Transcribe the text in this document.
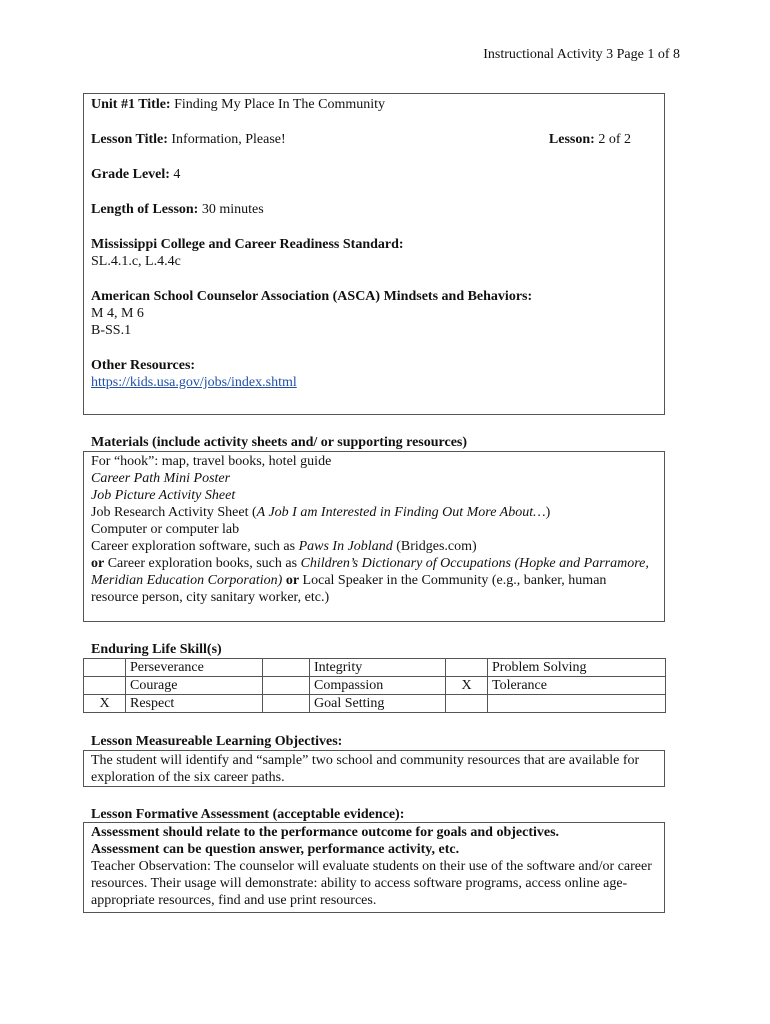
Instructional Activity 3 Page 1 of 8

Unit #1 Title: Finding My Place In The Community

Lesson Title: Information, Please!	Lesson: 2 of 2

Grade Level: 4

Length of Lesson: 30 minutes

Mississippi College and Career Readiness Standard:

SL.4.1.c, L.4.4c

American School Counselor Association (ASCA) Mindsets and Behaviors:

M 4, M 6

B-SS.1

Other Resources:

https://kids.usa.gov/jobs/index.shtml

Materials (include activity sheets and/ or supporting resources)

For “hook”: map, travel books, hotel guide

Career Path Mini Poster

Job Picture Activity Sheet

Job Research Activity Sheet (A Job I am Interested in Finding Out More About…)

Computer or computer lab

Career exploration software, such as Paws In Jobland (Bridges.com)

or Career exploration books, such as Children’s Dictionary of Occupations (Hopke and Parramore, Meridian Education Corporation) or Local Speaker in the Community (e.g., banker, human resource person, city sanitary worker, etc.)

Enduring Life Skill(s)
	Perseverance		Integrity		Problem Solving
	Courage		Compassion	X	Tolerance
X	Respect		Goal Setting		
Lesson Measureable Learning Objectives:

The student will identify and “sample” two school and community resources that are available for exploration of the six career paths.

Lesson Formative Assessment (acceptable evidence):

Assessment should relate to the performance outcome for goals and objectives.

Assessment can be question answer, performance activity, etc.

Teacher Observation: The counselor will evaluate students on their use of the software and/or career resources. Their usage will demonstrate: ability to access software programs, access online age-appropriate resources, find and use print resources.
